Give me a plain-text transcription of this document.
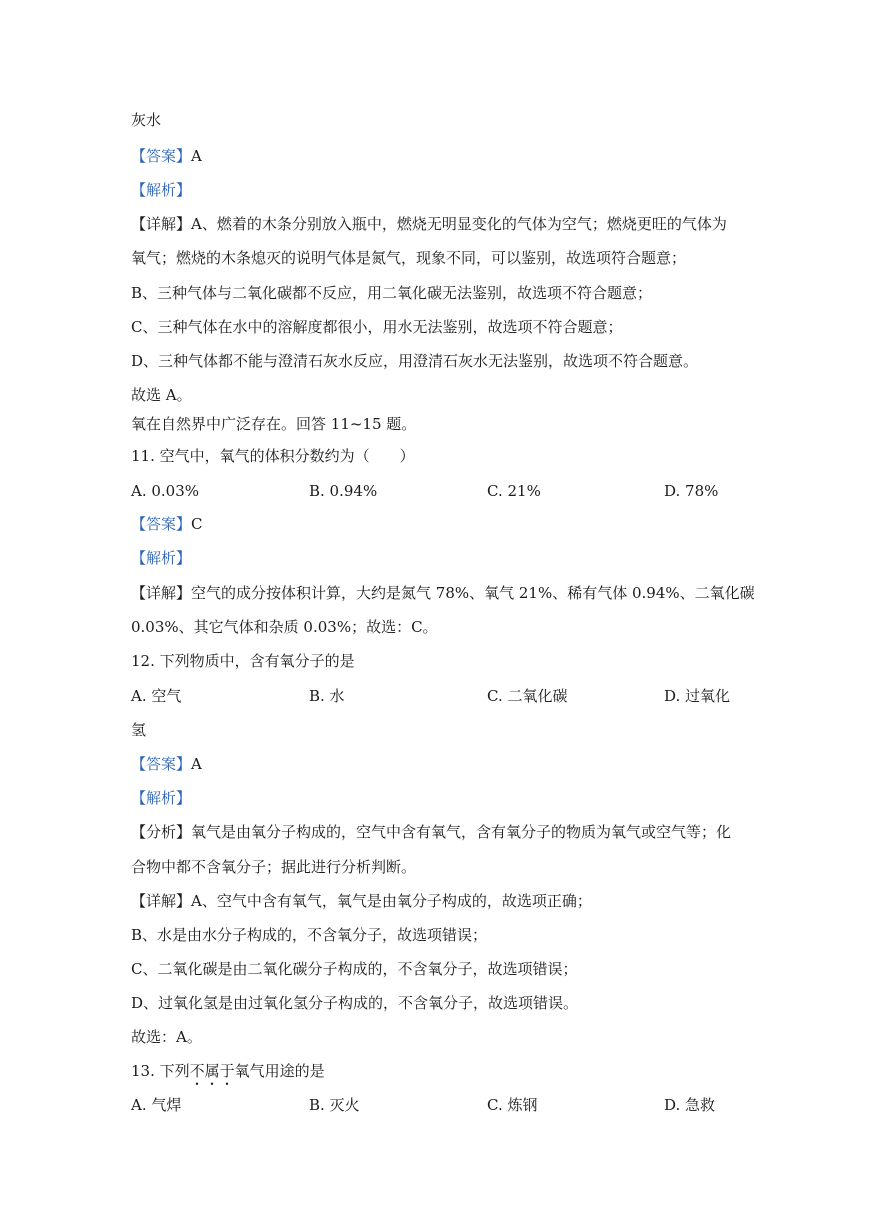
灰水
【答案】A
【解析】
【详解】A、燃着的木条分别放入瓶中，燃烧无明显变化的气体为空气；燃烧更旺的气体为
氧气；燃烧的木条熄灭的说明气体是氮气，现象不同，可以鉴别，故选项符合题意；
B、三种气体与二氧化碳都不反应，用二氧化碳无法鉴别，故选项不符合题意；
C、三种气体在水中的溶解度都很小，用水无法鉴别，故选项不符合题意；
D、三种气体都不能与澄清石灰水反应，用澄清石灰水无法鉴别，故选项不符合题意。
故选 A。
氧在自然界中广泛存在。回答 11~15 题。
11. 空气中，氧气的体积分数约为（　　）
A. 0.03%	B. 0.94%	C. 21%	D. 78%
【答案】C
【解析】
【详解】空气的成分按体积计算，大约是氮气 78%、氧气 21%、稀有气体 0.94%、二氧化碳
0.03%、其它气体和杂质 0.03%；故选：C。
12. 下列物质中，含有氧分子的是
A. 空气	B. 水	C. 二氧化碳	D. 过氧化
氢
【答案】A
【解析】
【分析】氧气是由氧分子构成的，空气中含有氧气，含有氧分子的物质为氧气或空气等；化
合物中都不含氧分子；据此进行分析判断。
【详解】A、空气中含有氧气，氧气是由氧分子构成的，故选项正确；
B、水是由水分子构成的，不含氧分子，故选项错误；
C、二氧化碳是由二氧化碳分子构成的，不含氧分子，故选项错误；
D、过氧化氢是由过氧化氢分子构成的，不含氧分子，故选项错误。
故选：A。
13. 下列不属于氧气用途的是
A. 气焊	B. 灭火	C. 炼钢	D. 急救
